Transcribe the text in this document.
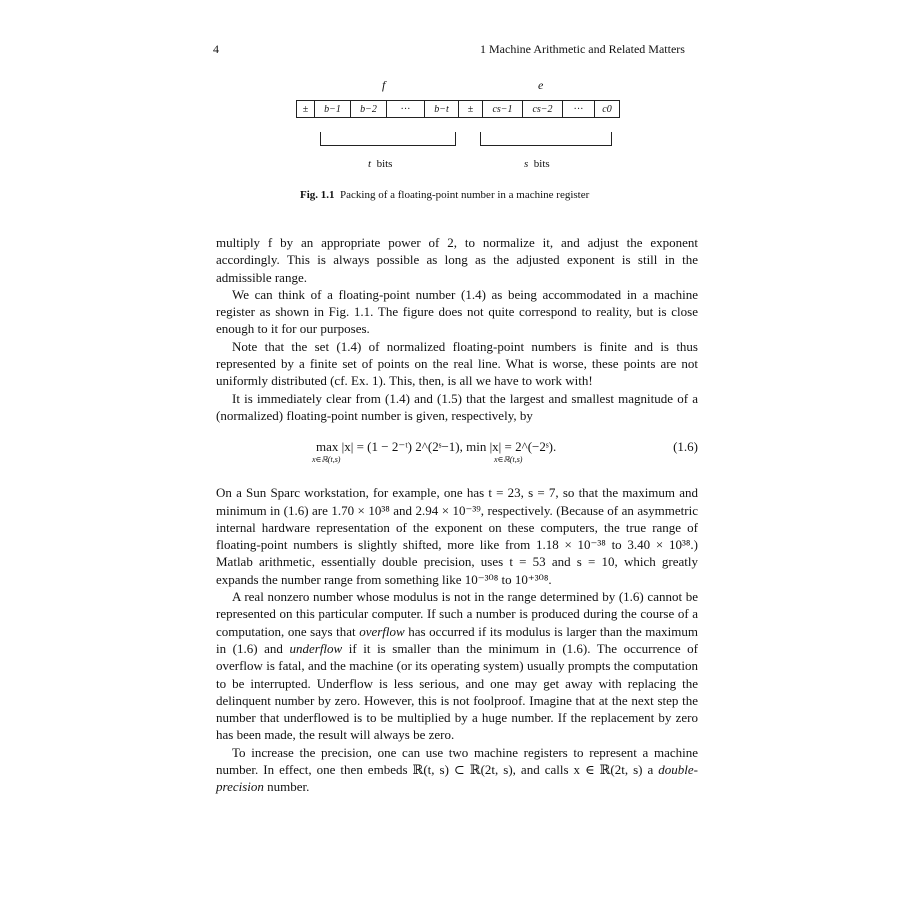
4	1 Machine Arithmetic and Related Matters
f	e
±	b−1 b−2	···	b−t	±	cs−1 cs−2	···	c0
t bits	s bits
Fig. 1.1 Packing of a floating-point number in a machine register

multiply f by an appropriate power of 2, to normalize it, and adjust the exponent accordingly. This is always possible as long as the adjusted exponent is still in the admissible range.

We can think of a floating-point number (1.4) as being accommodated in a machine register as shown in Fig. 1.1. The figure does not quite correspond to reality, but is close enough to it for our purposes.

Note that the set (1.4) of normalized floating-point numbers is finite and is thus represented by a finite set of points on the real line. What is worse, these points are not uniformly distributed (cf. Ex. 1). This, then, is all we have to work with!

It is immediately clear from (1.4) and (1.5) that the largest and smallest magnitude of a (normalized) floating-point number is given, respectively, by

max |x| = (1 − 2⁻ᵗ) 2^(2ˢ−1), min |x| = 2^(−2ˢ).
x∈ℝ(t,s)	x∈ℝ(t,s)
(1.6)

On a Sun Sparc workstation, for example, one has t = 23, s = 7, so that the maximum and minimum in (1.6) are 1.70 × 10³⁸ and 2.94 × 10⁻³⁹, respectively. (Because of an asymmetric internal hardware representation of the exponent on these computers, the true range of floating-point numbers is slightly shifted, more like from 1.18 × 10⁻³⁸ to 3.40 × 10³⁸.) Matlab arithmetic, essentially double precision, uses t = 53 and s = 10, which greatly expands the number range from something like 10⁻³⁰⁸ to 10⁺³⁰⁸.

A real nonzero number whose modulus is not in the range determined by (1.6) cannot be represented on this particular computer. If such a number is produced during the course of a computation, one says that overflow has occurred if its modulus is larger than the maximum in (1.6) and underflow if it is smaller than the minimum in (1.6). The occurrence of overflow is fatal, and the machine (or its operating system) usually prompts the computation to be interrupted. Underflow is less serious, and one may get away with replacing the delinquent number by zero. However, this is not foolproof. Imagine that at the next step the number that underflowed is to be multiplied by a huge number. If the replacement by zero has been made, the result will always be zero.

To increase the precision, one can use two machine registers to represent a machine number. In effect, one then embeds ℝ(t, s) ⊂ ℝ(2t, s), and calls x ∈ ℝ(2t, s) a double-precision number.
